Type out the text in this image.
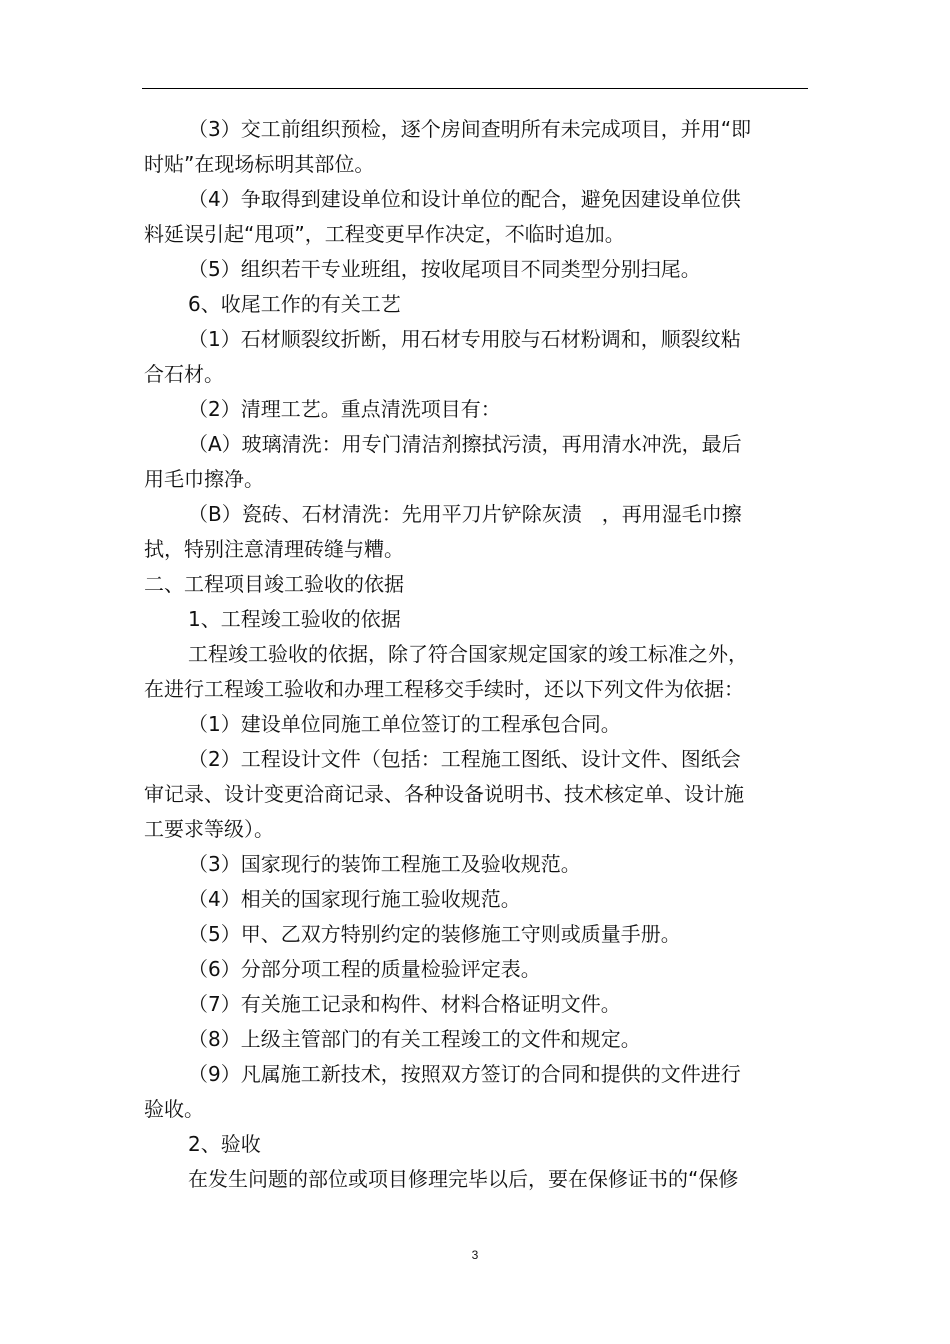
（3）交工前组织预检，逐个房间查明所有未完成项目，并用“即
时贴”在现场标明其部位。

（4）争取得到建设单位和设计单位的配合，避免因建设单位供
料延误引起“甩项”，工程变更早作决定，不临时追加。

（5）组织若干专业班组，按收尾项目不同类型分别扫尾。

6、收尾工作的有关工艺

（1）石材顺裂纹折断，用石材专用胶与石材粉调和，顺裂纹粘
合石材。

（2）清理工艺。重点清洗项目有：

（A）玻璃清洗：用专门清洁剂擦拭污渍，再用清水冲洗，最后
用毛巾擦净。

（B）瓷砖、石材清洗：先用平刀片铲除灰渍　，再用湿毛巾擦
拭，特别注意清理砖缝与糟。

二、工程项目竣工验收的依据

1、工程竣工验收的依据

工程竣工验收的依据，除了符合国家规定国家的竣工标准之外，
在进行工程竣工验收和办理工程移交手续时，还以下列文件为依据：

（1）建设单位同施工单位签订的工程承包合同。

（2）工程设计文件（包括：工程施工图纸、设计文件、图纸会
审记录、设计变更洽商记录、各种设备说明书、技术核定单、设计施
工要求等级）。

（3）国家现行的装饰工程施工及验收规范。

（4）相关的国家现行施工验收规范。

（5）甲、乙双方特别约定的装修施工守则或质量手册。

（6）分部分项工程的质量检验评定表。

（7）有关施工记录和构件、材料合格证明文件。

（8）上级主管部门的有关工程竣工的文件和规定。

（9）凡属施工新技术，按照双方签订的合同和提供的文件进行
验收。

2、验收

在发生问题的部位或项目修理完毕以后，要在保修证书的“保修

3
